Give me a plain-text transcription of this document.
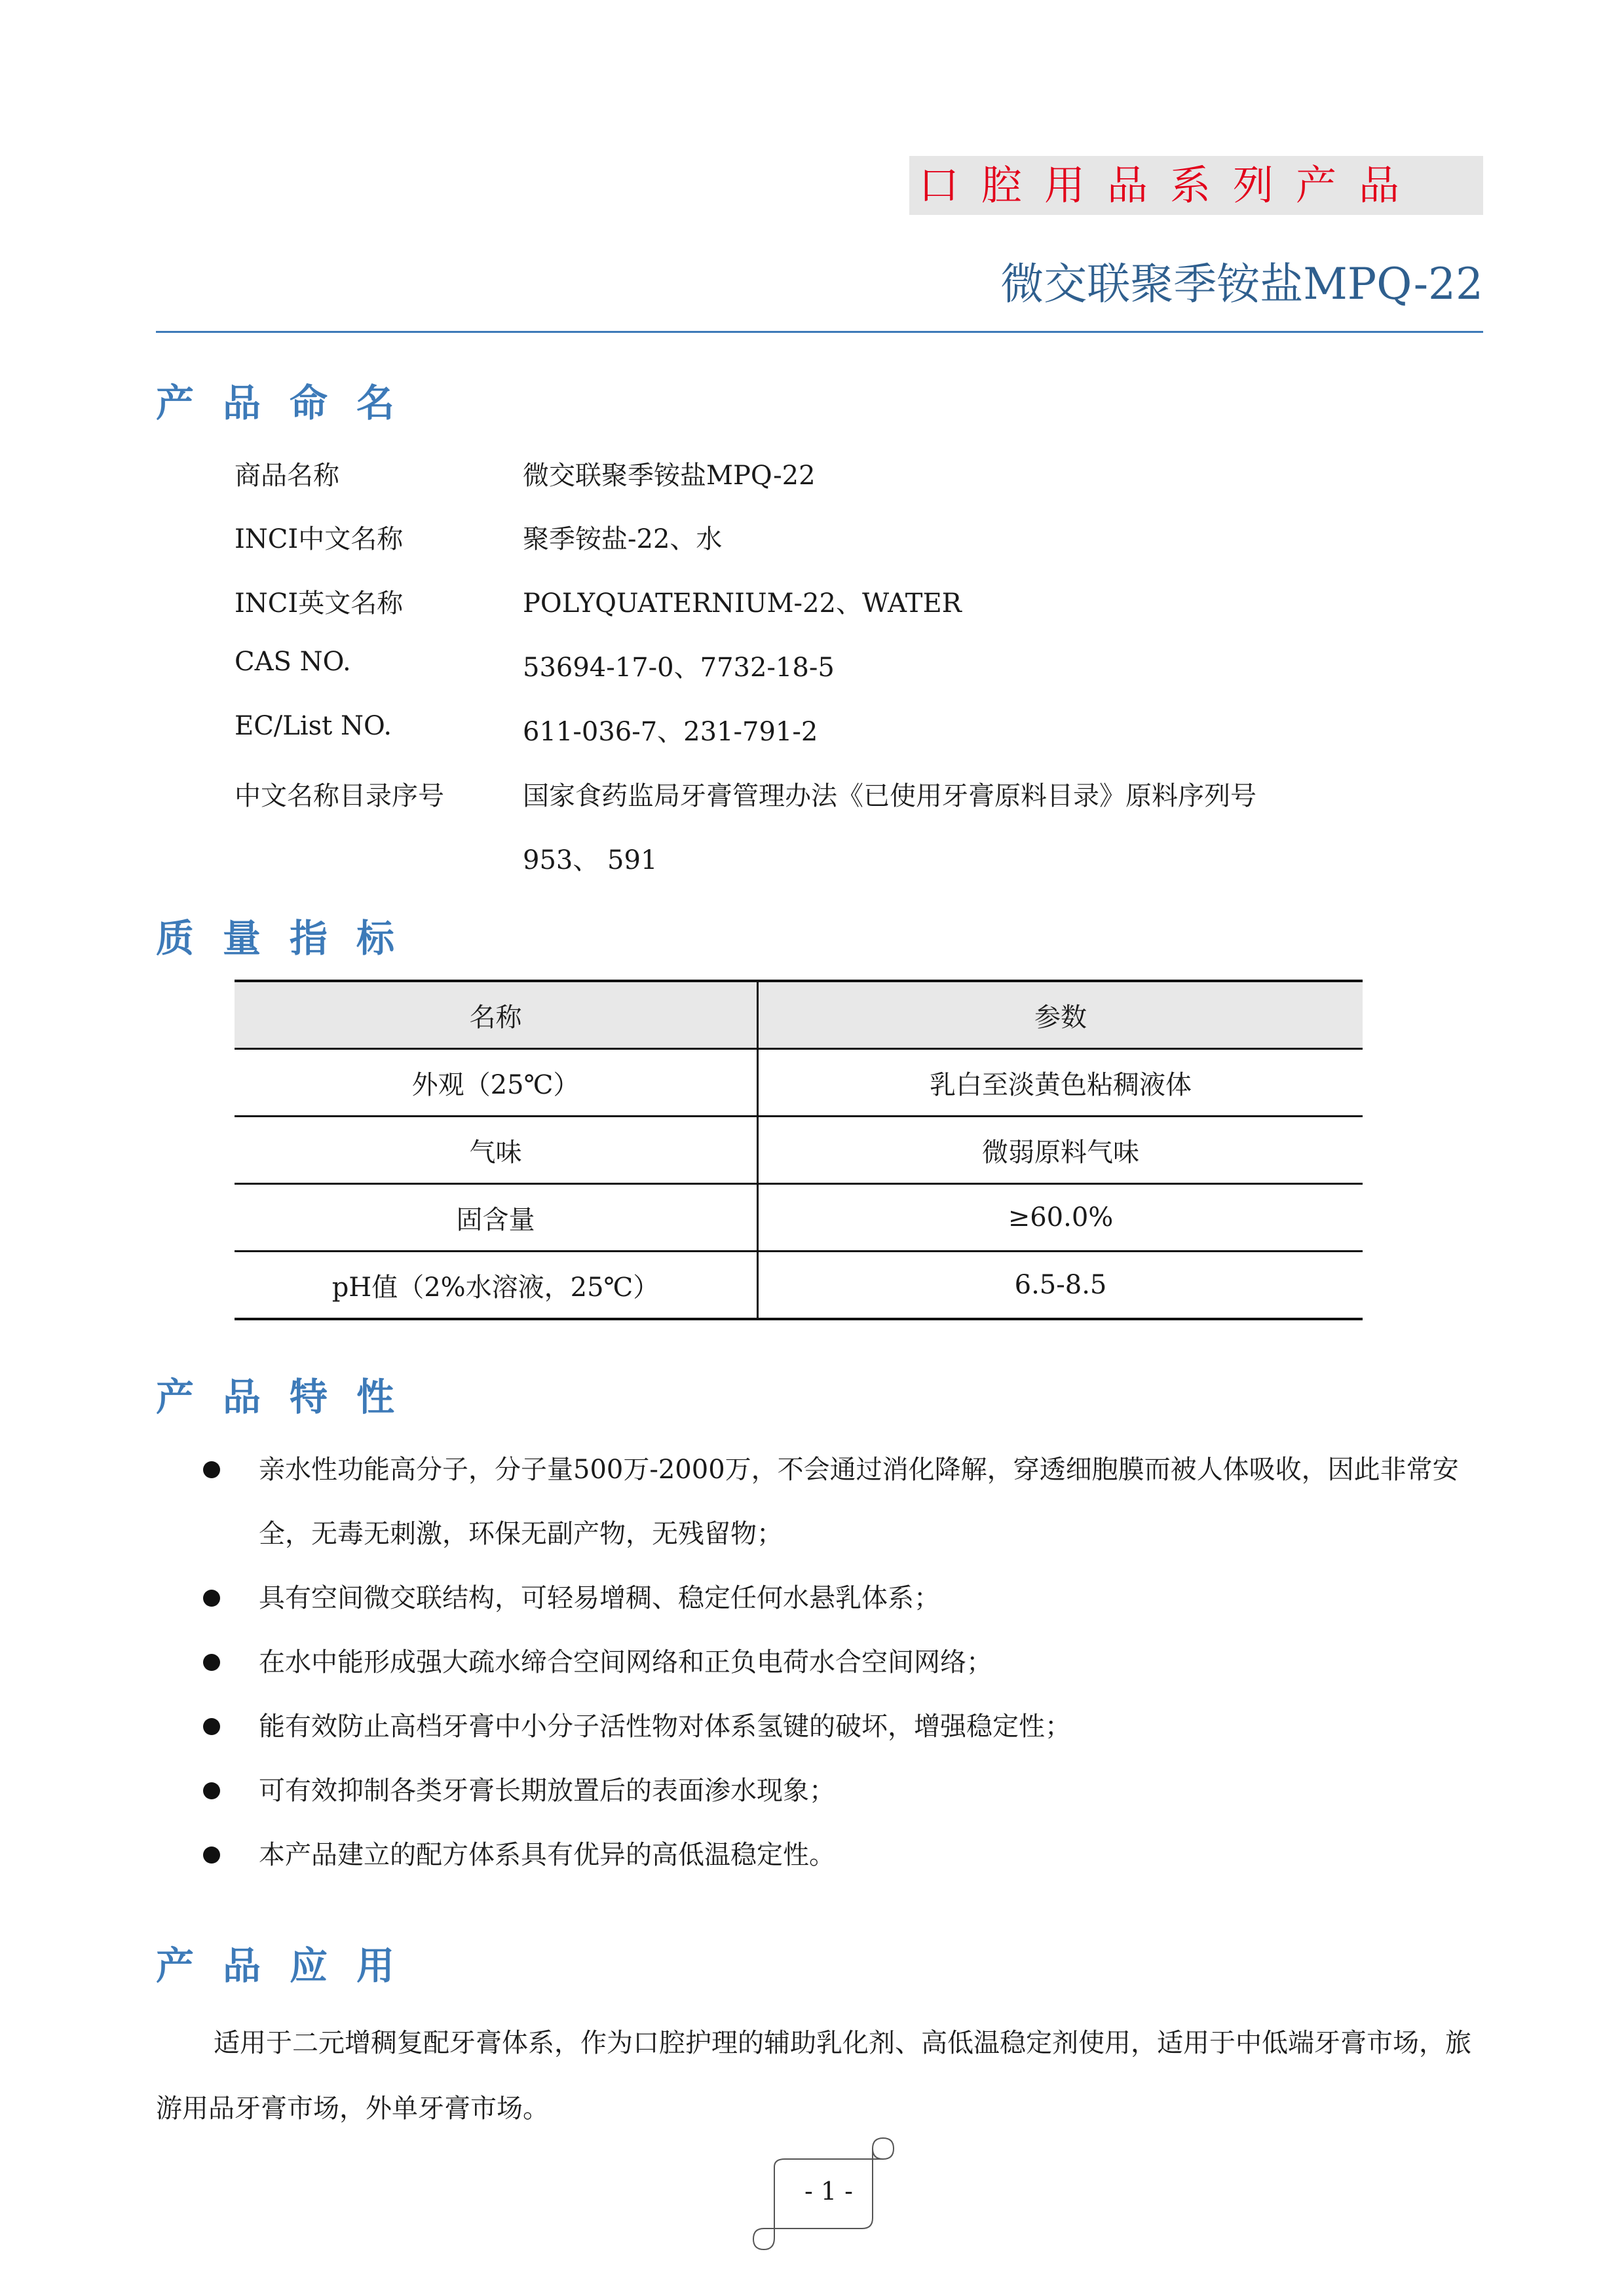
口腔用品系列产品
微交联聚季铵盐MPQ-22
产品命名
商品名称	微交联聚季铵盐MPQ-22
INCI中文名称	聚季铵盐-22、水
INCI英文名称	POLYQUATERNIUM-22、WATER
CAS NO.	53694-17-0、7732-18-5
EC/List NO.	611-036-7、231-791-2
中文名称目录序号	国家食药监局牙膏管理办法《已使用牙膏原料目录》原料序列号
953、 591
质量指标
名称	参数
外观（25℃）	乳白至淡黄色粘稠液体
气味	微弱原料气味
固含量	≥60.0%
pH值（2%水溶液，25℃）	6.5-8.5
产品特性
亲水性功能高分子，分子量500万-2000万，不会通过消化降解，穿透细胞膜而被人体吸收，因此非常安全，无毒无刺激，环保无副产物，无残留物；
具有空间微交联结构，可轻易增稠、稳定任何水悬乳体系；
在水中能形成强大疏水缔合空间网络和正负电荷水合空间网络；
能有效防止高档牙膏中小分子活性物对体系氢键的破坏，增强稳定性；
可有效抑制各类牙膏长期放置后的表面渗水现象；
本产品建立的配方体系具有优异的高低温稳定性。
产品应用
适用于二元增稠复配牙膏体系，作为口腔护理的辅助乳化剂、高低温稳定剂使用，适用于中低端牙膏市场，旅游用品牙膏市场，外单牙膏市场。
- 1 -
